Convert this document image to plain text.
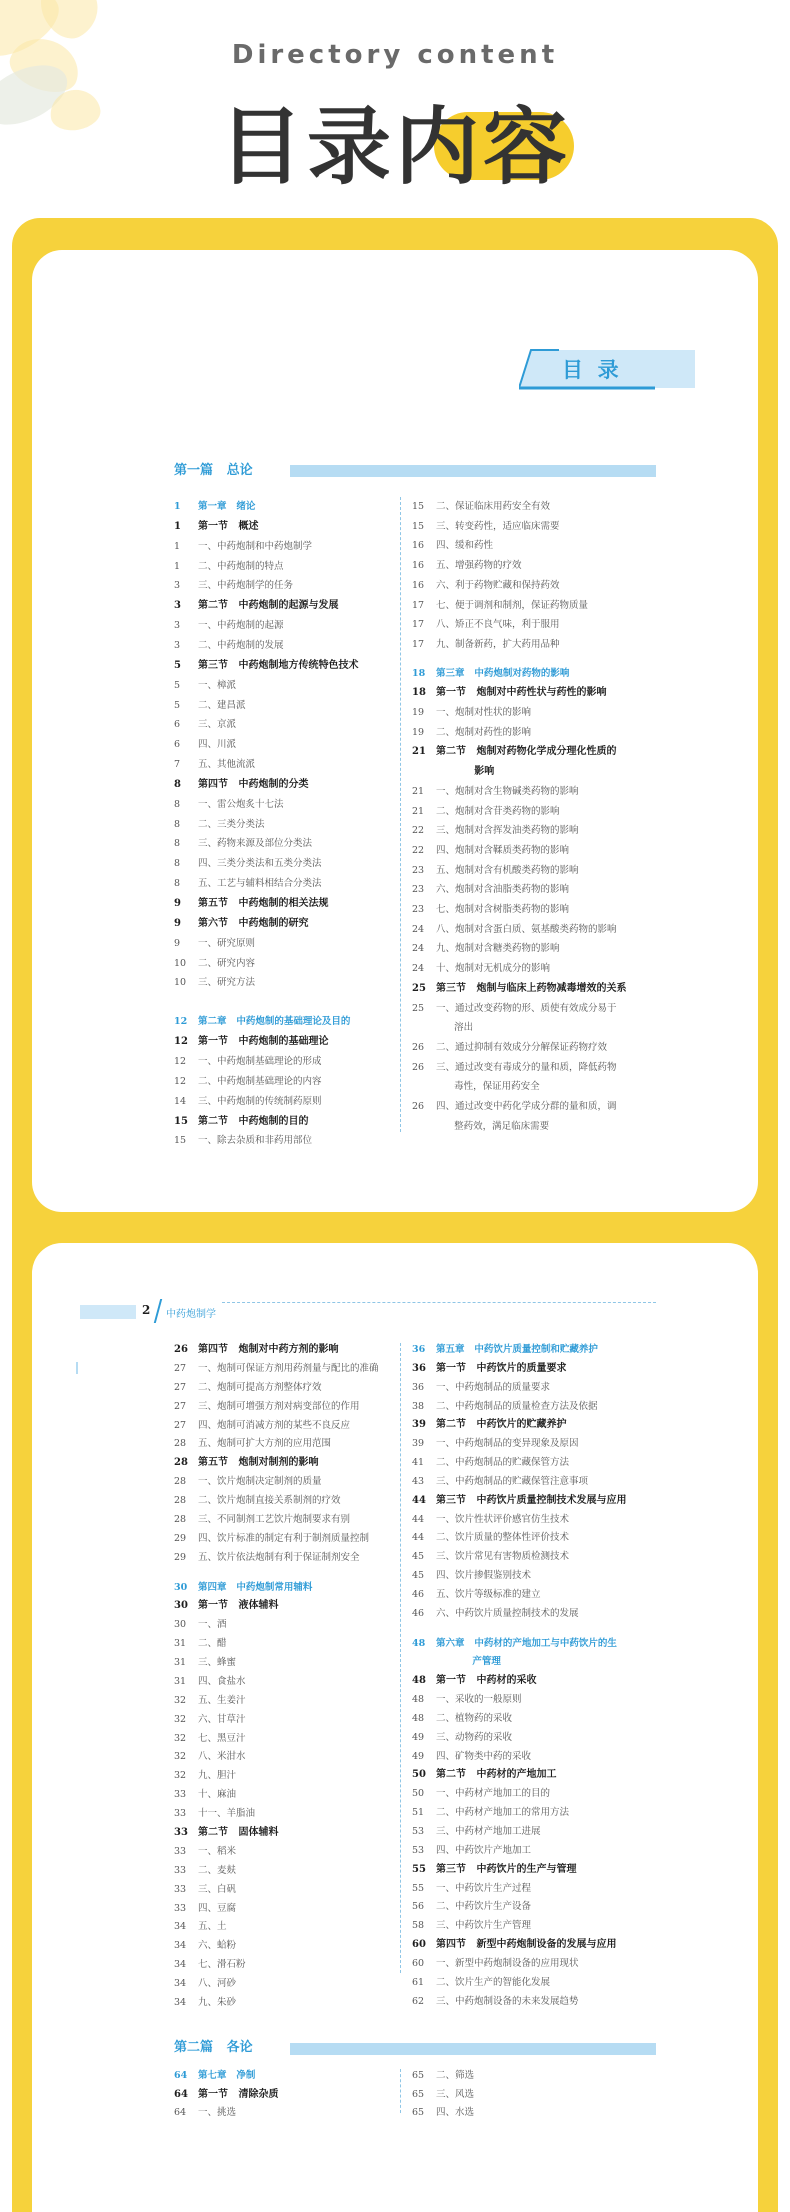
Directory content
目录内容
目  录
第一篇   总论
1	第一章   绪论
1	第一节   概述
1	一、中药炮制和中药炮制学
1	二、中药炮制的特点
3	三、中药炮制学的任务
3	第二节   中药炮制的起源与发展
3	一、中药炮制的起源
3	二、中药炮制的发展
5	第三节   中药炮制地方传统特色技术
5	一、樟派
5	二、建昌派
6	三、京派
6	四、川派
7	五、其他流派
8	第四节   中药炮制的分类
8	一、雷公炮炙十七法
8	二、三类分类法
8	三、药物来源及部位分类法
8	四、三类分类法和五类分类法
8	五、工艺与辅料相结合分类法
9	第五节   中药炮制的相关法规
9	第六节   中药炮制的研究
9	一、研究原则
10	二、研究内容
10	三、研究方法
12	第二章   中药炮制的基础理论及目的
12	第一节   中药炮制的基础理论
12	一、中药炮制基础理论的形成
12	二、中药炮制基础理论的内容
14	三、中药炮制的传统制药原则
15	第二节   中药炮制的目的
15	一、除去杂质和非药用部位
15	二、保证临床用药安全有效
15	三、转变药性，适应临床需要
16	四、缓和药性
16	五、增强药物的疗效
16	六、利于药物贮藏和保持药效
17	七、便于调剂和制剂，保证药物质量
17	八、矫正不良气味，利于服用
17	九、制备新药，扩大药用品种
18	第三章   中药炮制对药物的影响
18	第一节   炮制对中药性状与药性的影响
19	一、炮制对性状的影响
19	二、炮制对药性的影响
21	第二节   炮制对药物化学成分理化性质的
影响
21	一、炮制对含生物碱类药物的影响
21	二、炮制对含苷类药物的影响
22	三、炮制对含挥发油类药物的影响
22	四、炮制对含鞣质类药物的影响
23	五、炮制对含有机酸类药物的影响
23	六、炮制对含油脂类药物的影响
23	七、炮制对含树脂类药物的影响
24	八、炮制对含蛋白质、氨基酸类药物的影响
24	九、炮制对含糖类药物的影响
24	十、炮制对无机成分的影响
25	第三节   炮制与临床上药物减毒增效的关系
25	一、通过改变药物的形、质使有效成分易于
溶出
26	二、通过抑制有效成分分解保证药物疗效
26	三、通过改变有毒成分的量和质，降低药物
毒性，保证用药安全
26	四、通过改变中药化学成分群的量和质，调
整药效，满足临床需要
2 中药炮制学
第二篇   各论
26	第四节   炮制对中药方剂的影响
27	一、炮制可保证方剂用药剂量与配比的准确
27	二、炮制可提高方剂整体疗效
27	三、炮制可增强方剂对病变部位的作用
27	四、炮制可消减方剂的某些不良反应
28	五、炮制可扩大方剂的应用范围
28	第五节   炮制对制剂的影响
28	一、饮片炮制决定制剂的质量
28	二、饮片炮制直接关系制剂的疗效
28	三、不同制剂工艺饮片炮制要求有别
29	四、饮片标准的制定有利于制剂质量控制
29	五、饮片依法炮制有利于保证制剂安全
30	第四章   中药炮制常用辅料
30	第一节   液体辅料
30	一、酒
31	二、醋
31	三、蜂蜜
31	四、食盐水
32	五、生姜汁
32	六、甘草汁
32	七、黑豆汁
32	八、米泔水
32	九、胆汁
33	十、麻油
33	十一、羊脂油
33	第二节   固体辅料
33	一、稻米
33	二、麦麸
33	三、白矾
33	四、豆腐
34	五、土
34	六、蛤粉
34	七、滑石粉
34	八、河砂
34	九、朱砂
36	第五章   中药饮片质量控制和贮藏养护
36	第一节   中药饮片的质量要求
36	一、中药炮制品的质量要求
38	二、中药炮制品的质量检查方法及依据
39	第二节   中药饮片的贮藏养护
39	一、中药炮制品的变异现象及原因
41	二、中药炮制品的贮藏保管方法
43	三、中药炮制品的贮藏保管注意事项
44	第三节   中药饮片质量控制技术发展与应用
44	一、饮片性状评价感官仿生技术
44	二、饮片质量的整体性评价技术
45	三、饮片常见有害物质检测技术
45	四、饮片掺假鉴别技术
46	五、饮片等级标准的建立
46	六、中药饮片质量控制技术的发展
48	第六章   中药材的产地加工与中药饮片的生
产管理
48	第一节   中药材的采收
48	一、采收的一般原则
48	二、植物药的采收
49	三、动物药的采收
49	四、矿物类中药的采收
50	第二节   中药材的产地加工
50	一、中药材产地加工的目的
51	二、中药材产地加工的常用方法
53	三、中药材产地加工进展
53	四、中药饮片产地加工
55	第三节   中药饮片的生产与管理
55	一、中药饮片生产过程
56	二、中药饮片生产设备
58	三、中药饮片生产管理
60	第四节   新型中药炮制设备的发展与应用
60	一、新型中药炮制设备的应用现状
61	二、饮片生产的智能化发展
62	三、中药炮制设备的未来发展趋势
64	第七章   净制
64	第一节   清除杂质
64	一、挑选
65	二、筛选
65	三、风选
65	四、水选
